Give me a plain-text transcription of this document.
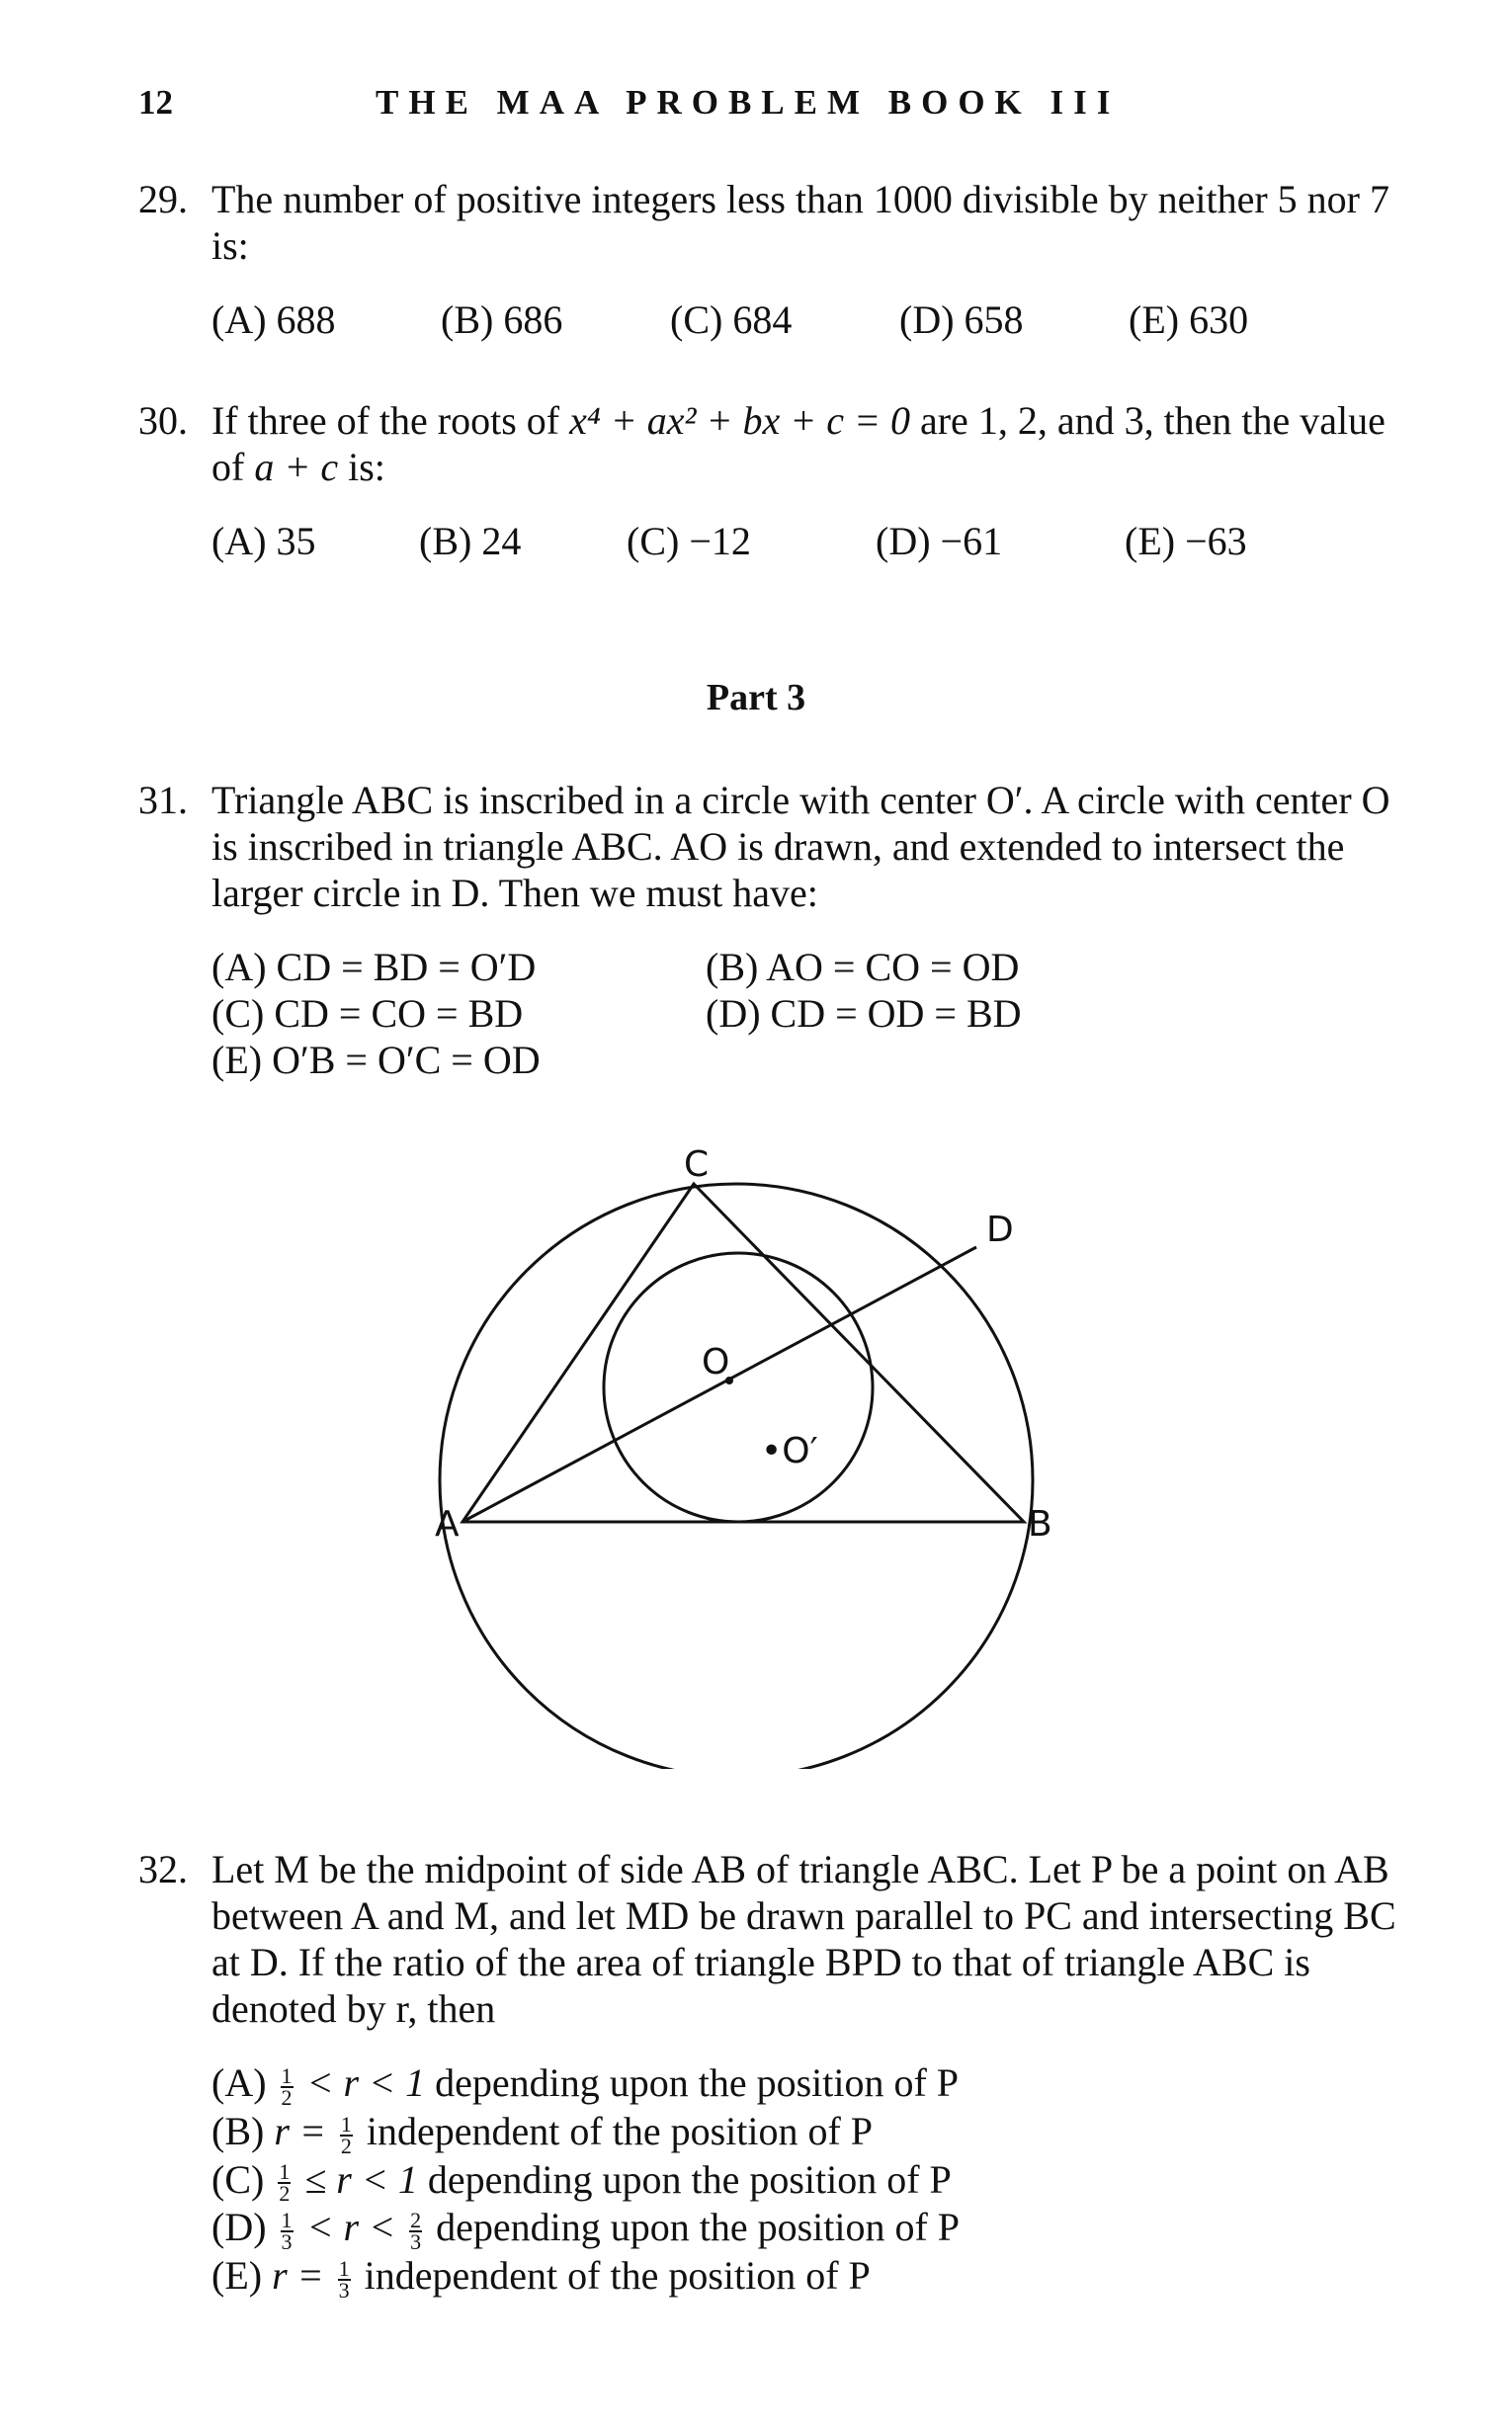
12	THE MAA PROBLEM BOOK III
29. The number of positive integers less than 1000 divisible by neither 5 nor 7 is:
(A) 688	(B) 686	(C) 684	(D) 658	(E) 630
30. If three of the roots of x⁴ + ax² + bx + c = 0 are 1, 2, and 3, then the value of a + c is:
(A) 35	(B) 24	(C) −12	(D) −61	(E) −63
Part 3
31. Triangle ABC is inscribed in a circle with center O′. A circle with center O is inscribed in triangle ABC. AO is drawn, and extended to intersect the larger circle in D. Then we must have:
(A) CD = BD = O′D	(B) AO = CO = OD
(C) CD = CO = BD	(D) CD = OD = BD
(E) O′B = O′C = OD
A	B
C
D
O
•O′
32. Let M be the midpoint of side AB of triangle ABC. Let P be a point on AB between A and M, and let MD be drawn parallel to PC and intersecting BC at D. If the ratio of the area of triangle BPD to that of triangle ABC is denoted by r, then
$(A) \frac{1}{2} < r < 1$ depending upon the position of P
(B) $r = \frac{1}{2}$ independent of the position of P
$(C) \frac{1}{2} \le r < 1$ depending upon the position of P
$(D) \frac{1}{3} < r < \frac{2}{3}$ depending upon the position of P
(E) $r = \frac{1}{3}$ independent of the position of P
